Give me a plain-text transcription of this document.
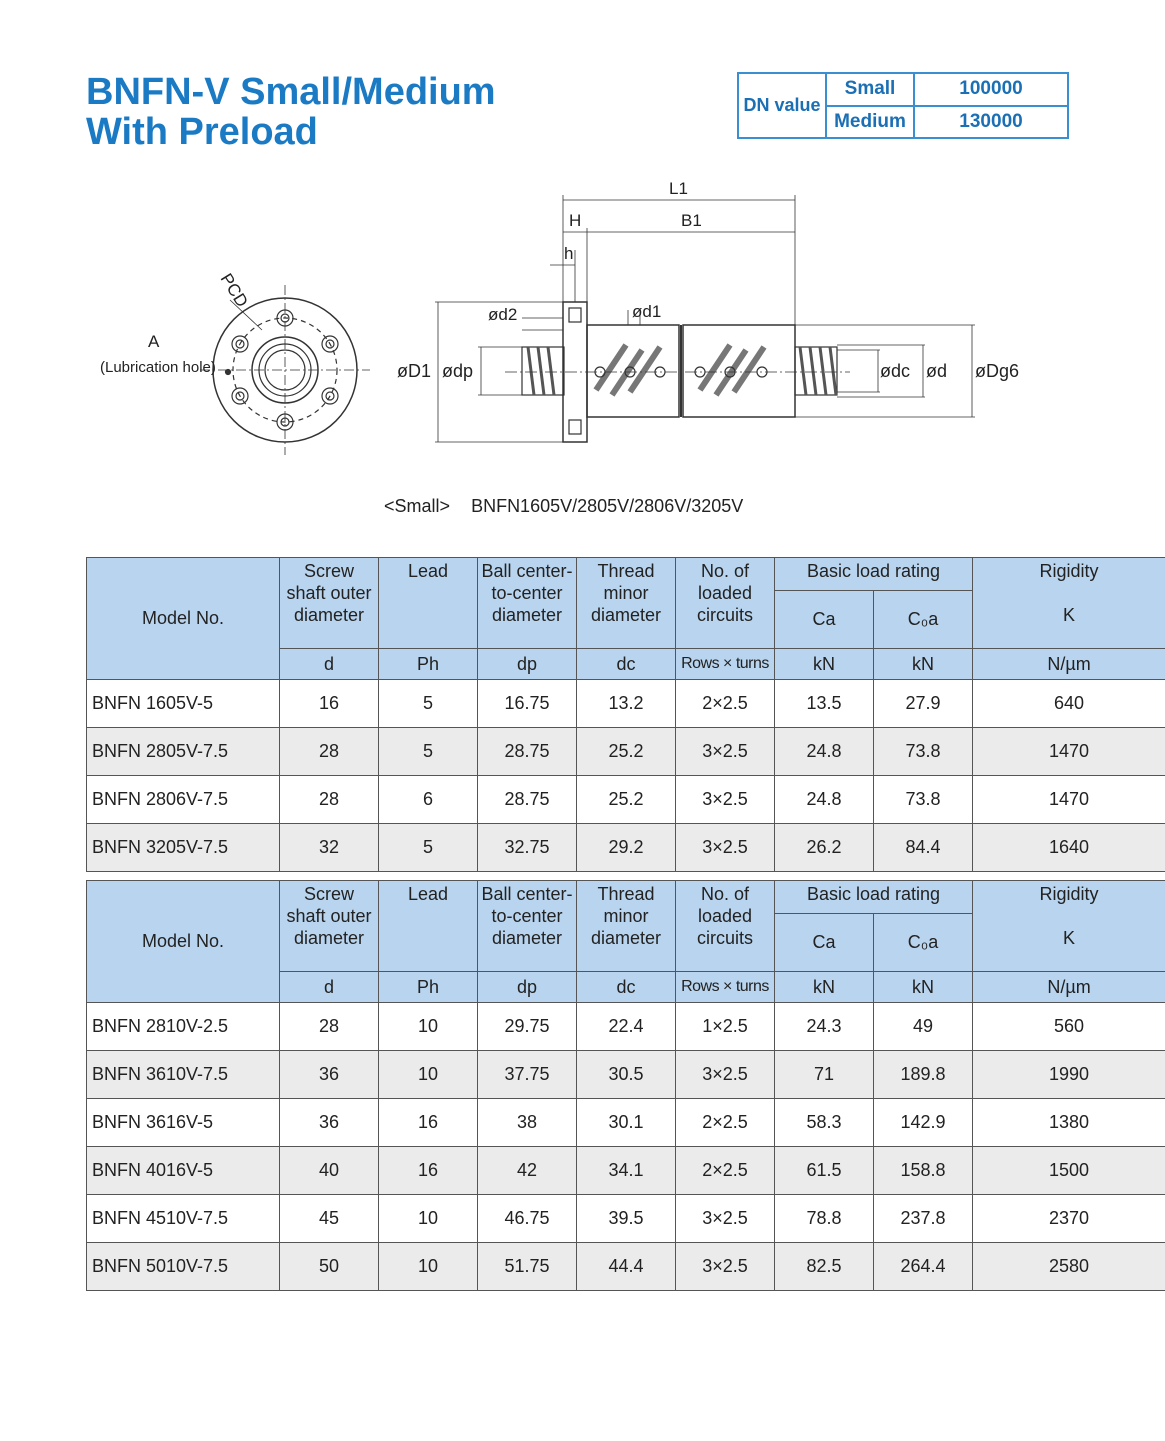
BNFN-V Small/Medium
With Preload
DN value	Small	100000
	Medium	130000
PCD
A
(Lubrication hole)
L1
B1
H
h
ød2	ød1
øD1 ødp	ødc ød øDg6
<Small> BNFN1605V/2805V/2806V/3205V
Model No.	Screw
shaft outer
diameter	Lead	Ball center-
to-center
diameter	Thread
minor
diameter	No. of
loaded
circuits	Basic load rating		Rigidity

K
						Ca	C₀a	
	d	Ph	dp	dc	Rows × turns	kN	kN	N/µm
BNFN 1605V-5	16	5	16.75	13.2	2×2.5	13.5	27.9	640
BNFN 2805V-7.5	28	5	28.75	25.2	3×2.5	24.8	73.8	1470
BNFN 2806V-7.5	28	6	28.75	25.2	3×2.5	24.8	73.8	1470
BNFN 3205V-7.5	32	5	32.75	29.2	3×2.5	26.2	84.4	1640
Model No.	Screw
shaft outer
diameter	Lead	Ball center-
to-center
diameter	Thread
minor
diameter	No. of
loaded
circuits	Basic load rating		Rigidity

K
						Ca	C₀a	
	d	Ph	dp	dc	Rows × turns	kN	kN	N/µm
BNFN 2810V-2.5	28	10	29.75	22.4	1×2.5	24.3	49	560
BNFN 3610V-7.5	36	10	37.75	30.5	3×2.5	71	189.8	1990
BNFN 3616V-5	36	16	38	30.1	2×2.5	58.3	142.9	1380
BNFN 4016V-5	40	16	42	34.1	2×2.5	61.5	158.8	1500
BNFN 4510V-7.5	45	10	46.75	39.5	3×2.5	78.8	237.8	2370
BNFN 5010V-7.5	50	10	51.75	44.4	3×2.5	82.5	264.4	2580
